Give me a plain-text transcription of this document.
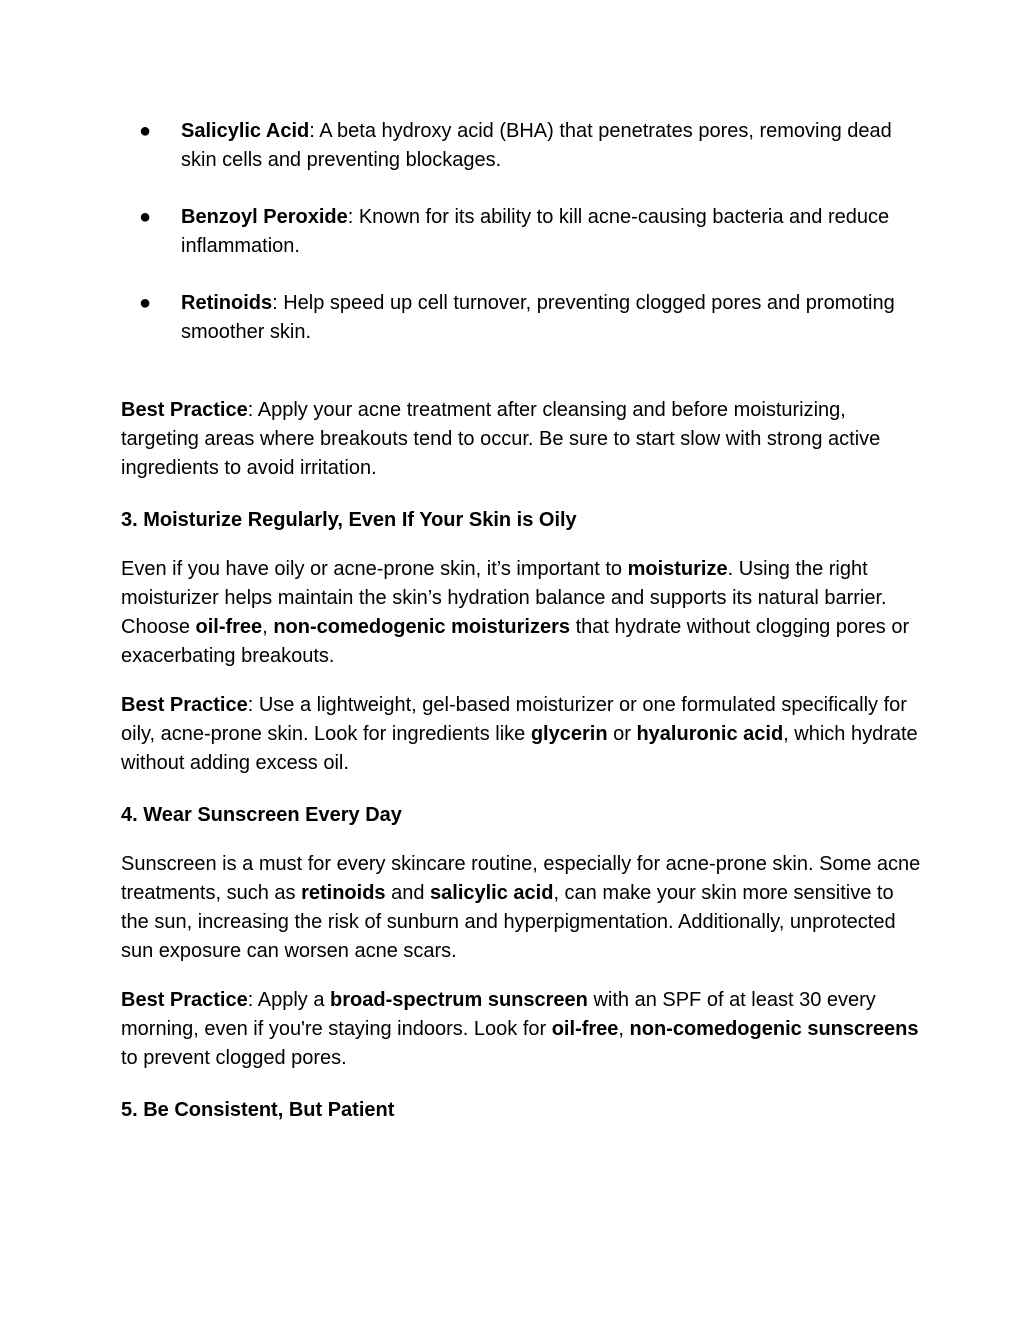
● Salicylic Acid: A beta hydroxy acid (BHA) that penetrates pores, removing dead skin cells and preventing blockages.
● Benzoyl Peroxide: Known for its ability to kill acne-causing bacteria and reduce inflammation.
● Retinoids: Help speed up cell turnover, preventing clogged pores and promoting smoother skin.

Best Practice: Apply your acne treatment after cleansing and before moisturizing, targeting areas where breakouts tend to occur. Be sure to start slow with strong active ingredients to avoid irritation.

3. Moisturize Regularly, Even If Your Skin is Oily

Even if you have oily or acne-prone skin, it’s important to moisturize. Using the right moisturizer helps maintain the skin’s hydration balance and supports its natural barrier. Choose oil-free, non-comedogenic moisturizers that hydrate without clogging pores or exacerbating breakouts.

Best Practice: Use a lightweight, gel-based moisturizer or one formulated specifically for oily, acne-prone skin. Look for ingredients like glycerin or hyaluronic acid, which hydrate without adding excess oil.

4. Wear Sunscreen Every Day

Sunscreen is a must for every skincare routine, especially for acne-prone skin. Some acne treatments, such as retinoids and salicylic acid, can make your skin more sensitive to the sun, increasing the risk of sunburn and hyperpigmentation. Additionally, unprotected sun exposure can worsen acne scars.

Best Practice: Apply a broad-spectrum sunscreen with an SPF of at least 30 every morning, even if you're staying indoors. Look for oil-free, non-comedogenic sunscreens to prevent clogged pores.

5. Be Consistent, But Patient
